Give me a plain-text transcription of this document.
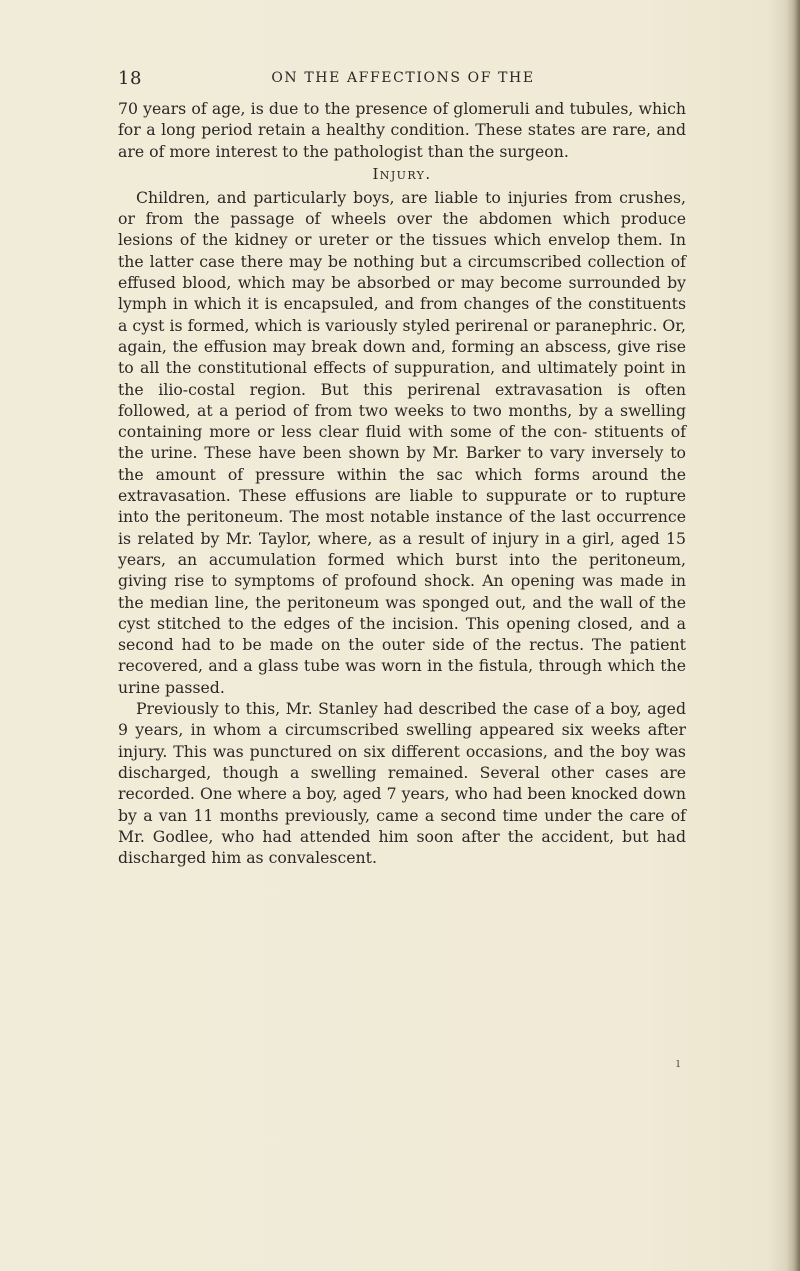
18	ON THE AFFECTIONS OF THE

70 years of age, is due to the presence of glomeruli and tubules, which for a long period retain a healthy condition. These states are rare, and are of more interest to the pathologist than the surgeon.

Injury.

Children, and particularly boys, are liable to injuries from crushes, or from the passage of wheels over the abdomen which produce lesions of the kidney or ureter or the tissues which envelop them. In the latter case there may be nothing but a circumscribed collection of effused blood, which may be absorbed or may become surrounded by lymph in which it is encapsuled, and from changes of the constituents a cyst is formed, which is variously styled perirenal or paranephric. Or, again, the effusion may break down and, forming an abscess, give rise to all the constitutional effects of suppuration, and ultimately point in the ilio-costal region. But this perirenal extravasation is often followed, at a period of from two weeks to two months, by a swelling containing more or less clear fluid with some of the con- stituents of the urine. These have been shown by Mr. Barker to vary inversely to the amount of pressure within the sac which forms around the extravasation. These effusions are liable to suppurate or to rupture into the peritoneum. The most notable instance of the last occurrence is related by Mr. Taylor, where, as a result of injury in a girl, aged 15 years, an accumulation formed which burst into the peritoneum, giving rise to symptoms of profound shock. An opening was made in the median line, the peritoneum was sponged out, and the wall of the cyst stitched to the edges of the incision. This opening closed, and a second had to be made on the outer side of the rectus. The patient recovered, and a glass tube was worn in the fistula, through which the urine passed.

Previously to this, Mr. Stanley had described the case of a boy, aged 9 years, in whom a circumscribed swelling appeared six weeks after injury. This was punctured on six different occasions, and the boy was discharged, though a swelling remained. Several other cases are recorded. One where a boy, aged 7 years, who had been knocked down by a van 11 months previously, came a second time under the care of Mr. Godlee, who had attended him soon after the accident, but had discharged him as convalescent.

ı
